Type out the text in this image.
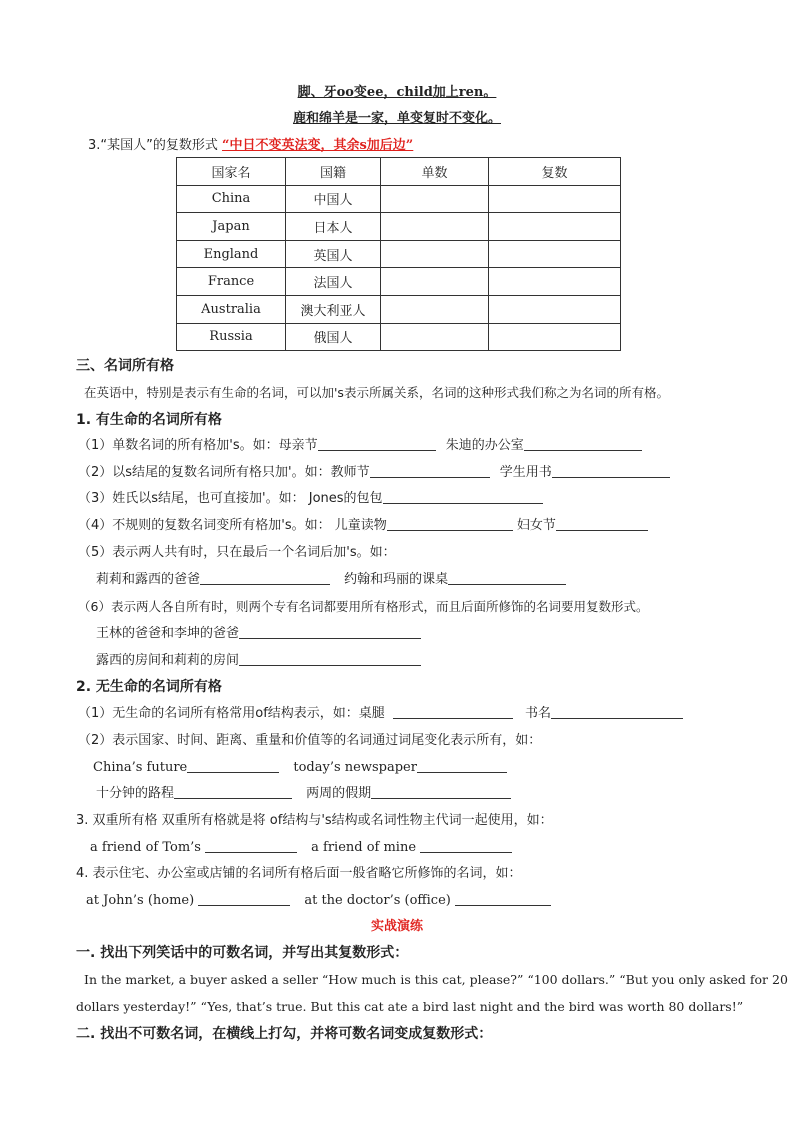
脚、牙oo变ee，child加上ren。
鹿和绵羊是一家，单变复时不变化。
3.“某国人”的复数形式 “中日不变英法变，其余s加后边”
国家名	国籍	单数	复数
China	中国人		
Japan	日本人		
England	英国人		
France	法国人		
Australia	澳大利亚人		
Russia	俄国人		
三、名词所有格
在英语中，特别是表示有生命的名词，可以加's表示所属关系，名词的这种形式我们称之为名词的所有格。
1. 有生命的名词所有格
（1）单数名词的所有格加's。如：母亲节	朱迪的办公室
（2）以s结尾的复数名词所有格只加'。如：教师节	学生用书
（3）姓氏以s结尾，也可直接加'。如： Jones的包包
（4）不规则的复数名词变所有格加's。如： 儿童读物	妇女节
（5）表示两人共有时，只在最后一个名词后加's。如：
莉莉和露西的爸爸	约翰和玛丽的课桌
（6）表示两人各自所有时，则两个专有名词都要用所有格形式，而且后面所修饰的名词要用复数形式。
王林的爸爸和李坤的爸爸
露西的房间和莉莉的房间
2. 无生命的名词所有格
（1）无生命的名词所有格常用of结构表示，如：桌腿	书名
（2）表示国家、时间、距离、重量和价值等的名词通过词尾变化表示所有，如：
China’s future	today’s newspaper
十分钟的路程	两周的假期
3. 双重所有格 双重所有格就是将 of结构与's结构或名词性物主代词一起使用，如：
a friend of Tom’s	a friend of mine
4. 表示住宅、办公室或店铺的名词所有格后面一般省略它所修饰的名词，如：
at John’s (home)	at the doctor’s (office)
实战演练
一. 找出下列笑话中的可数名词，并写出其复数形式：
In the market, a buyer asked a seller “How much is this cat, please?” “100 dollars.” “But you only asked for 20
dollars yesterday!” “Yes, that’s true. But this cat ate a bird last night and the bird was worth 80 dollars!”
二. 找出不可数名词，在横线上打勾，并将可数名词变成复数形式：
